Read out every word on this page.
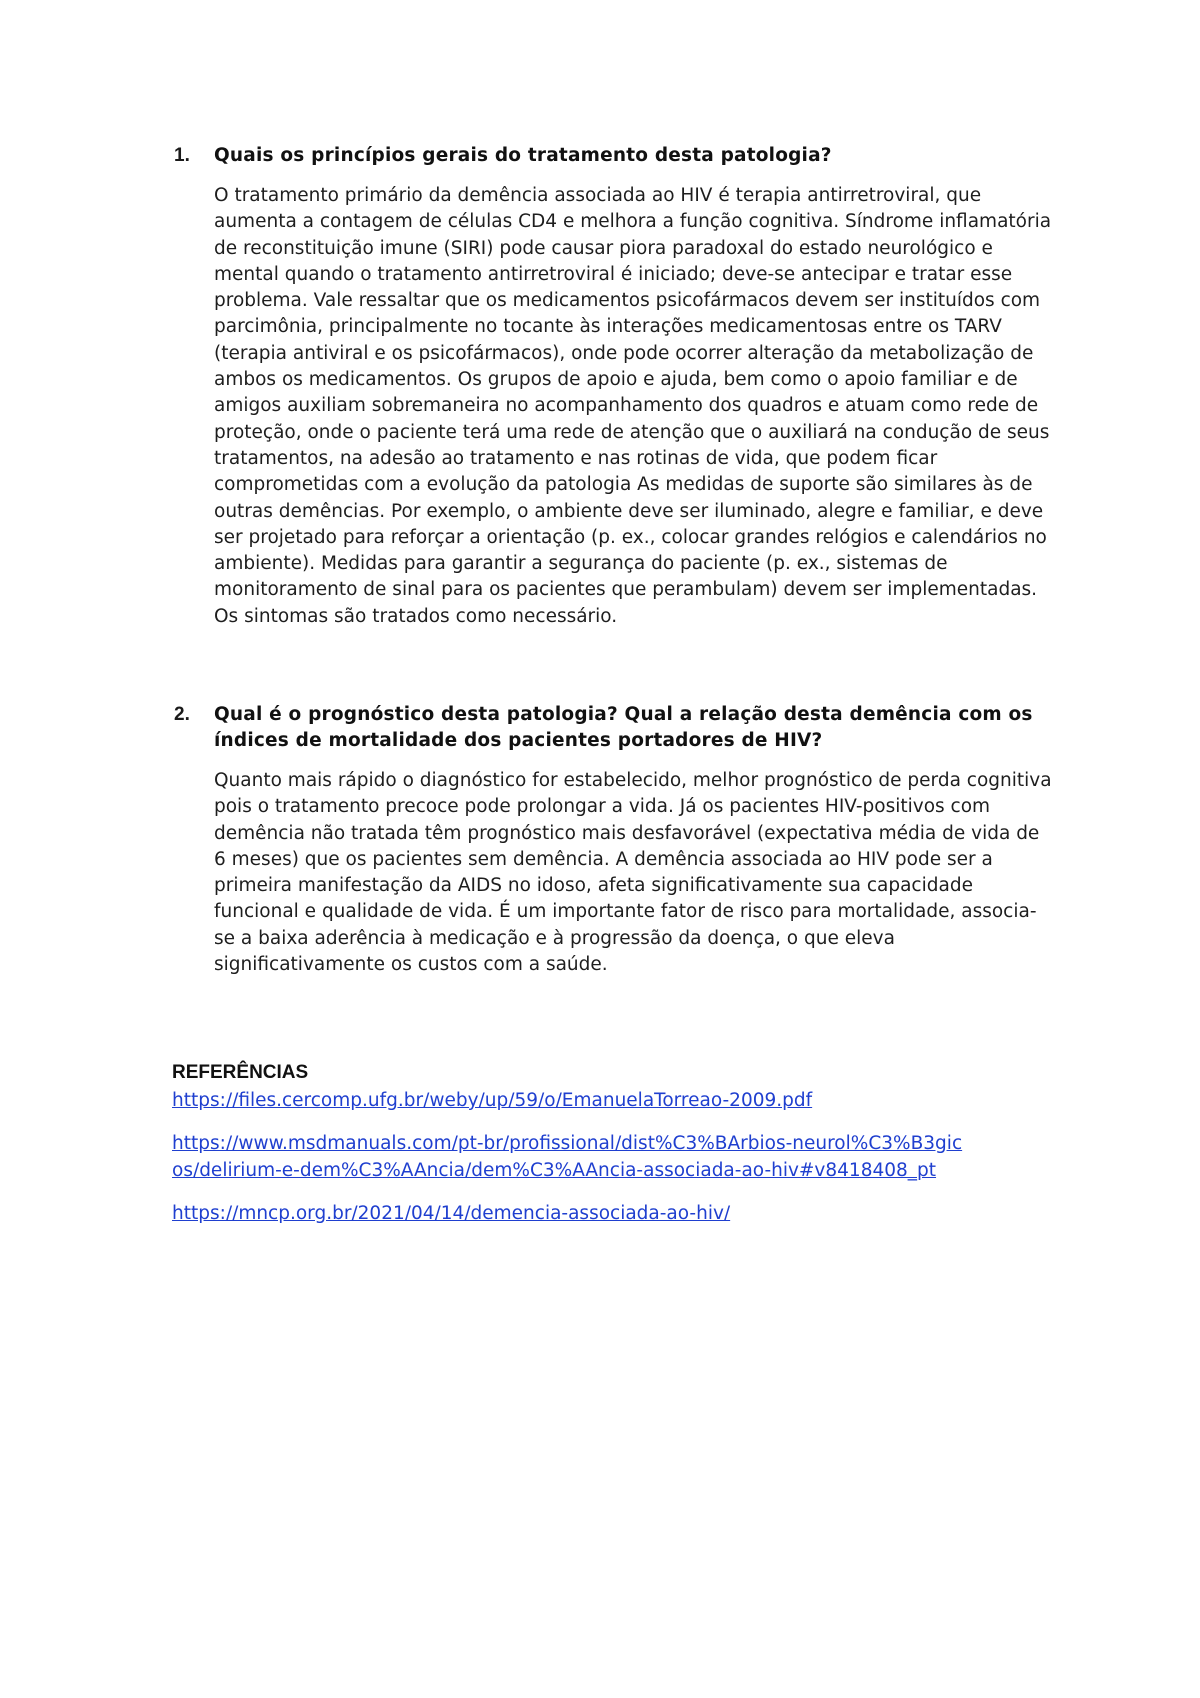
1. Quais os princípios gerais do tratamento desta patologia?
O tratamento primário da demência associada ao HIV é terapia antirretroviral, que aumenta a contagem de células CD4 e melhora a função cognitiva. Síndrome inflamatória de reconstituição imune (SIRI) pode causar piora paradoxal do estado neurológico e mental quando o tratamento antirretroviral é iniciado; deve-se antecipar e tratar esse problema. Vale ressaltar que os medicamentos psicofármacos devem ser instituídos com parcimônia, principalmente no tocante às interações medicamentosas entre os TARV (terapia antiviral e os psicofármacos), onde pode ocorrer alteração da metabolização de ambos os medicamentos. Os grupos de apoio e ajuda, bem como o apoio familiar e de amigos auxiliam sobremaneira no acompanhamento dos quadros e atuam como rede de proteção, onde o paciente terá uma rede de atenção que o auxiliará na condução de seus tratamentos, na adesão ao tratamento e nas rotinas de vida, que podem ficar comprometidas com a evolução da patologia As medidas de suporte são similares às de outras demências. Por exemplo, o ambiente deve ser iluminado, alegre e familiar, e deve ser projetado para reforçar a orientação (p. ex., colocar grandes relógios e calendários no ambiente). Medidas para garantir a segurança do paciente (p. ex., sistemas de monitoramento de sinal para os pacientes que perambulam) devem ser implementadas. Os sintomas são tratados como necessário.
2. Qual é o prognóstico desta patologia? Qual a relação desta demência com os índices de mortalidade dos pacientes portadores de HIV?
Quanto mais rápido o diagnóstico for estabelecido, melhor prognóstico de perda cognitiva pois o tratamento precoce pode prolongar a vida. Já os pacientes HIV-positivos com demência não tratada têm prognóstico mais desfavorável (expectativa média de vida de 6 meses) que os pacientes sem demência. A demência associada ao HIV pode ser a primeira manifestação da AIDS no idoso, afeta significativamente sua capacidade funcional e qualidade de vida. É um importante fator de risco para mortalidade, associa-se a baixa aderência à medicação e à progressão da doença, o que eleva significativamente os custos com a saúde.
REFERÊNCIAS
https://files.cercomp.ufg.br/weby/up/59/o/EmanuelaTorreao-2009.pdf
https://www.msdmanuals.com/pt-br/profissional/dist%C3%BArbios-neurol%C3%B3gicos/delirium-e-dem%C3%AAncia/dem%C3%AAncia-associada-ao-hiv#v8418408_pt
https://mncp.org.br/2021/04/14/demencia-associada-ao-hiv/
